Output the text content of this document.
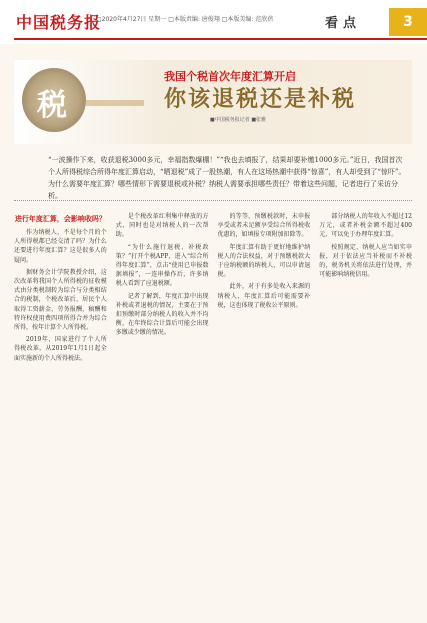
中国税务报
□2020年4月27日 星期一 □本版责编: 唐俊翔 □本版美编: 范欣蓓	看点	3
税
我国个税首次年度汇算开启
你该退税还是补税
■中国税务报记者 ■张雅
“一波操作下来，收获退税3000多元，幸福指数爆棚！”“我也去填报了，结果却要补缴1000多元。”近日，我国首次个人所得税综合所得年度汇算启动，“晒退税”成了一股热潮，有人在这场热潮中获得“惊喜”，有人却受到了“惊吓”。为什么需要年度汇算？哪些情形下需要退税或补税？纳税人需要承担哪些责任？带着这些问题，记者进行了采访分析。
进行年度汇算，会影响收吗？

作为纳税人，不是每个月的个人所得税都已经交清了吗？为什么还要进行年度汇算？这是很多人的疑问。

据财务会计学院教授介绍，这次改革将我国个人所得税的征收模式由分类税制转为综合与分类相结合的税制，个税改革后，居民个人取得工资薪金、劳务报酬、稿酬和特许权使用费四项所得合并为综合所得，按年计算个人所得税。

2019年，国家进行了个人所得税改革，从2019年1月1日起全面实施新的个人所得税法。

是个税改革红利集中释放的方式，同时也是对纳税人的一次帮助。

“为什么施行退税、补税政策？”打开个税APP，进入“综合所得年度汇算”，点击“使用已申报数据填报”，一连串操作后，许多纳税人看到了应退税额。

记者了解到，年度汇算中出现补税或者退税的情况，主要在于预扣预缴时部分纳税人的收入并不均衡，在年终综合计算后可能会出现多缴或少缴的情况。

的等等，预缴税款时，未申报享受或者未足额享受综合所得税收优惠的，如填报专项附加扣除等。

年度汇算有助于更好地维护纳税人的合法权益，对于预缴税款大于应纳税额的纳税人，可以申请退税。

此外，对于有多处收入来源的纳税人，年度汇算后可能需要补税，这也体现了税收公平原则。

部分纳税人的年收入不超过12万元，或者补税金额不超过400元，可以免于办理年度汇算。

按照规定，纳税人应当如实申报，对于依法应当补税而不补税的，税务机关将依法进行处理，并可能影响纳税信用。
